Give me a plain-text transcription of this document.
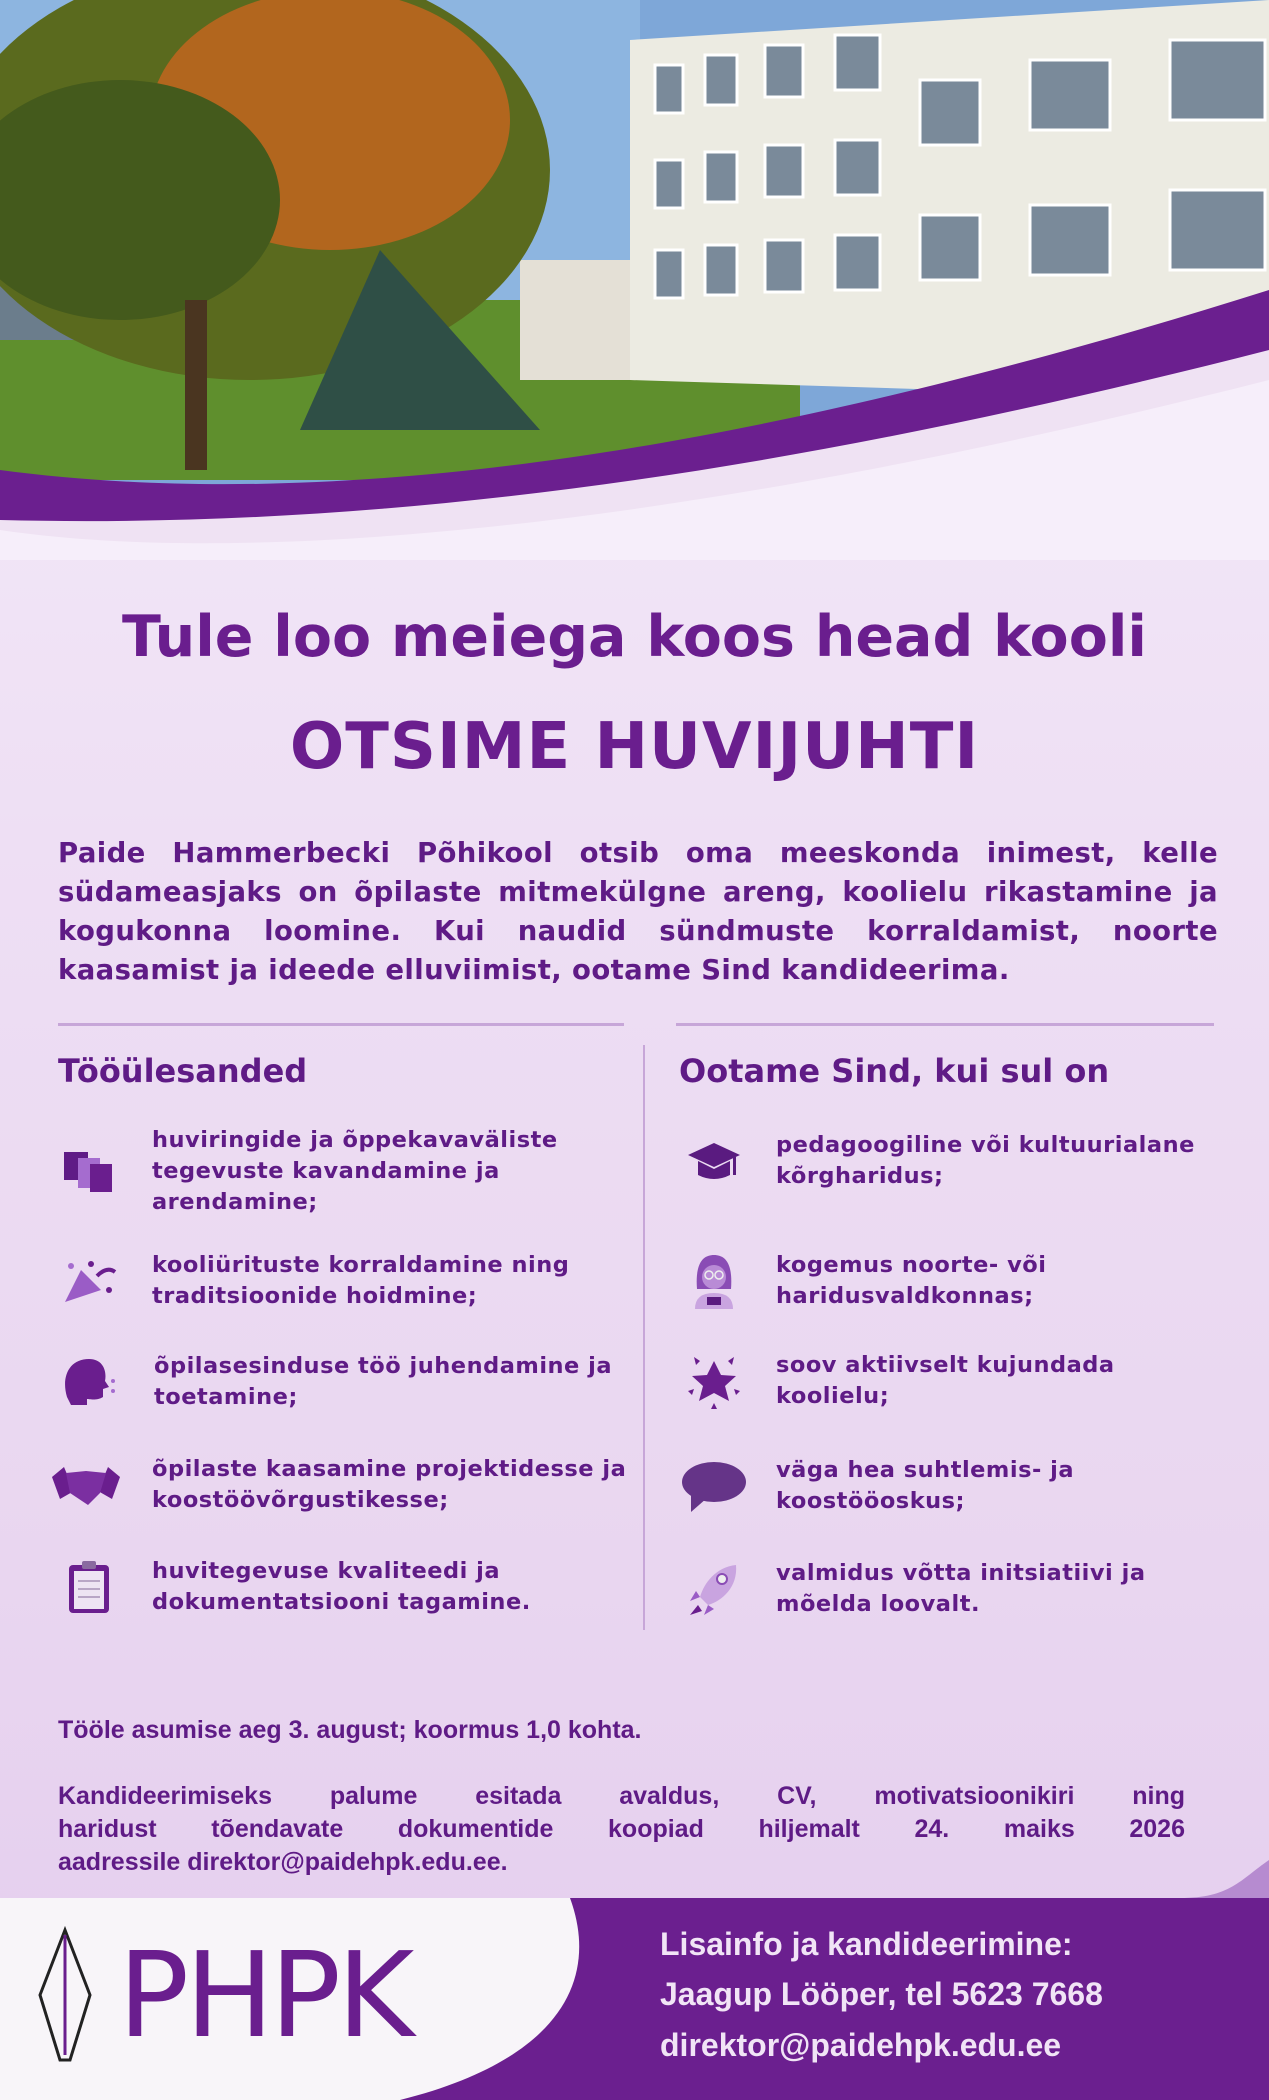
Tule loo meiega koos head kooli
OTSIME HUVIJUHTI
Paide Hammerbecki Põhikool otsib oma meeskonda inimest, kelle südameasjaks on õpilaste mitmekülgne areng, koolielu rikastamine ja kogukonna loomine. Kui naudid sündmuste korraldamist, noorte kaasamist ja ideede elluviimist, ootame Sind kandideerima.
Tööülesanded	Ootame Sind, kui sul on
huviringide ja õppekavaväliste tegevuste kavandamine ja arendamine;
kooliürituste korraldamine ning traditsioonide hoidmine;
õpilasesinduse töö juhendamine ja toetamine;
õpilaste kaasamine projektidesse ja koostöövõrgustikesse;
huvitegevuse kvaliteedi ja dokumentatsiooni tagamine.
pedagoogiline või kultuurialane kõrgharidus;
kogemus noorte- või haridusvaldkonnas;
soov aktiivselt kujundada koolielu;
väga hea suhtlemis- ja koostööoskus;
valmidus võtta initsiatiivi ja mõelda loovalt.
Tööle asumise aeg 3. august; koormus 1,0 kohta.
Kandideerimiseks palume esitada avaldus, CV, motivatsioonikiri ning
haridust tõendavate dokumentide koopiad hiljemalt 24. maiks 2026
aadressile direktor@paidehpk.edu.ee.
PHPK	Lisainfo ja kandideerimine:
Jaagup Lööper, tel 5623 7668
direktor@paidehpk.edu.ee
